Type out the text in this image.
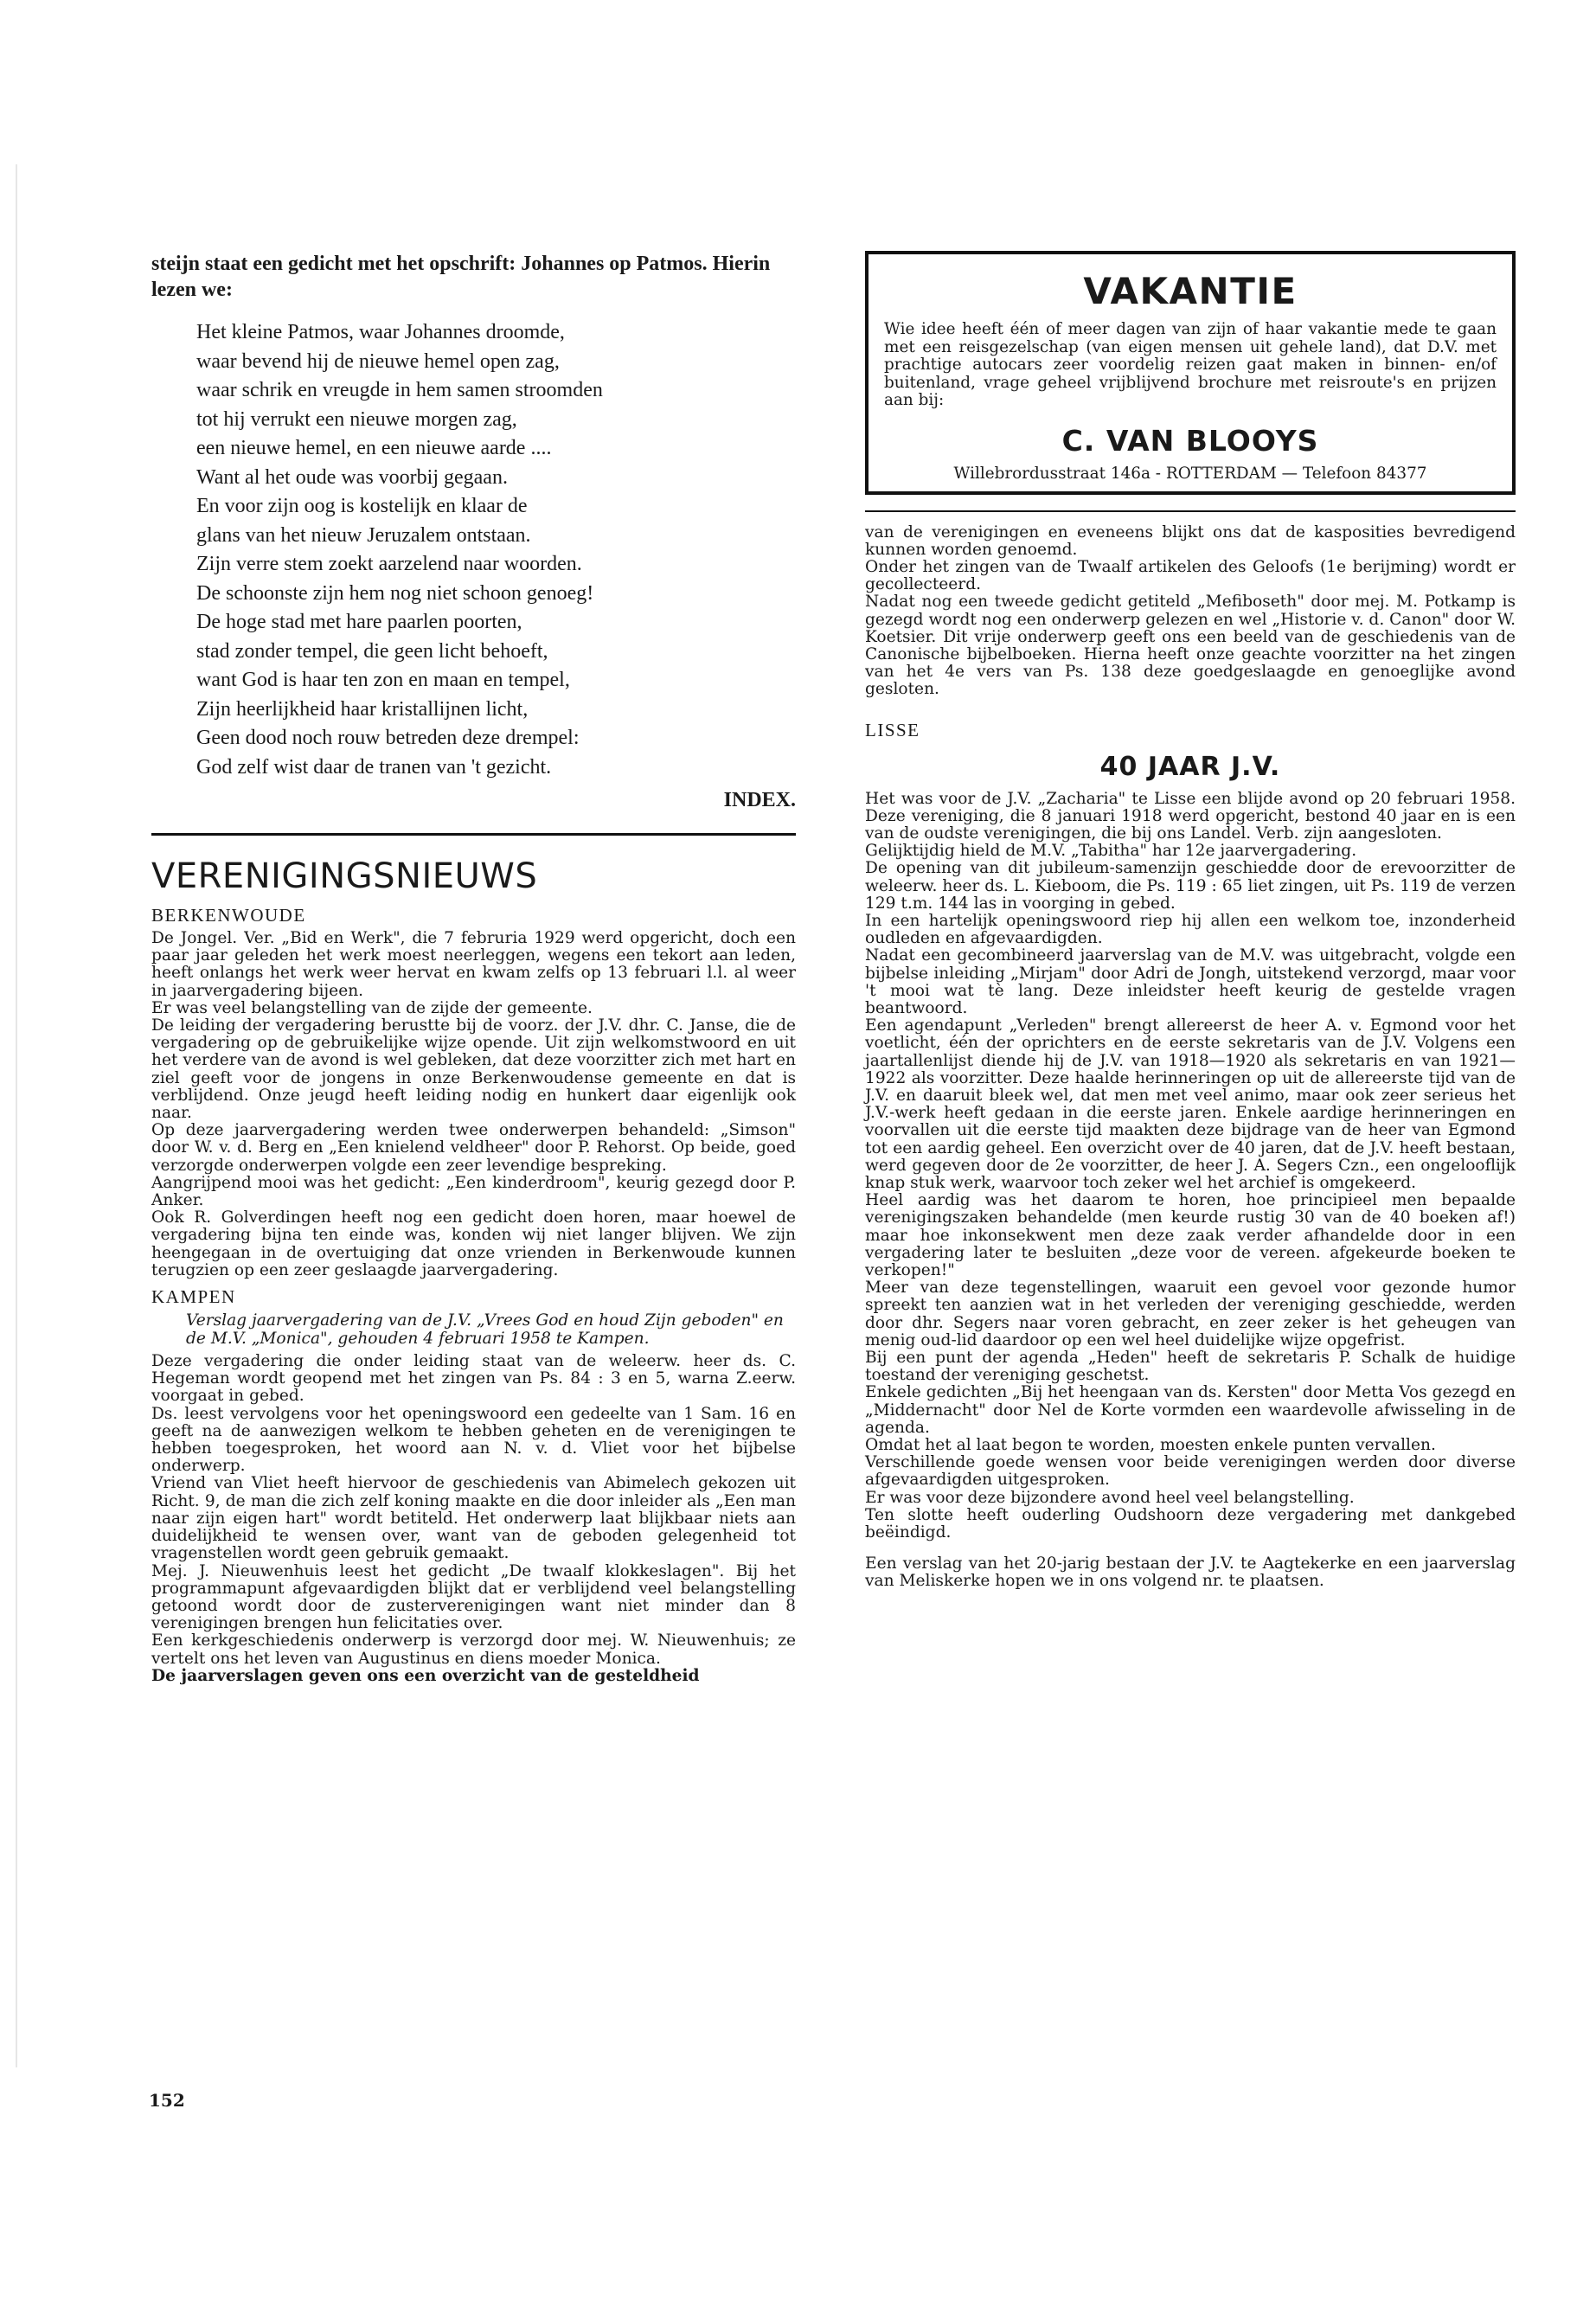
steijn staat een gedicht met het opschrift: Johannes op Patmos. Hierin lezen we:

Het kleine Patmos, waar Johannes droomde,
waar bevend hij de nieuwe hemel open zag,
waar schrik en vreugde in hem samen stroomden
tot hij verrukt een nieuwe morgen zag,
een nieuwe hemel, en een nieuwe aarde ....
Want al het oude was voorbij gegaan.
En voor zijn oog is kostelijk en klaar de
glans van het nieuw Jeruzalem ontstaan.
Zijn verre stem zoekt aarzelend naar woorden.
De schoonste zijn hem nog niet schoon genoeg!
De hoge stad met hare paarlen poorten,
stad zonder tempel, die geen licht behoeft,
want God is haar ten zon en maan en tempel,
Zijn heerlijkheid haar kristallijnen licht,
Geen dood noch rouw betreden deze drempel:
God zelf wist daar de tranen van 't gezicht.
INDEX.
VERENIGINGSNIEUWS
BERKENWOUDE

De Jongel. Ver. „Bid en Werk", die 7 februria 1929 werd opgericht, doch een paar jaar geleden het werk moest neerleggen, wegens een tekort aan leden, heeft onlangs het werk weer hervat en kwam zelfs op 13 februari l.l. al weer in jaarvergadering bijeen.

Er was veel belangstelling van de zijde der gemeente.

De leiding der vergadering berustte bij de voorz. der J.V. dhr. C. Janse, die de vergadering op de gebruikelijke wijze opende. Uit zijn welkomstwoord en uit het verdere van de avond is wel gebleken, dat deze voorzitter zich met hart en ziel geeft voor de jongens in onze Berkenwoudense gemeente en dat is verblijdend. Onze jeugd heeft leiding nodig en hunkert daar eigenlijk ook naar.

Op deze jaarvergadering werden twee onderwerpen behandeld: „Simson" door W. v. d. Berg en „Een knielend veldheer" door P. Rehorst. Op beide, goed verzorgde onderwerpen volgde een zeer levendige bespreking.

Aangrijpend mooi was het gedicht: „Een kinderdroom", keurig gezegd door P. Anker.

Ook R. Golverdingen heeft nog een gedicht doen horen, maar hoewel de vergadering bijna ten einde was, konden wij niet langer blijven. We zijn heengegaan in de overtuiging dat onze vrienden in Berkenwoude kunnen terugzien op een zeer geslaagde jaarvergadering.

KAMPEN

Verslag jaarvergadering van de J.V. „Vrees God en houd Zijn geboden" en de M.V. „Monica", gehouden 4 februari 1958 te Kampen.

Deze vergadering die onder leiding staat van de weleerw. heer ds. C. Hegeman wordt geopend met het zingen van Ps. 84 : 3 en 5, warna Z.eerw. voorgaat in gebed.

Ds. leest vervolgens voor het openingswoord een gedeelte van 1 Sam. 16 en geeft na de aanwezigen welkom te hebben geheten en de verenigingen te hebben toegesproken, het woord aan N. v. d. Vliet voor het bijbelse onderwerp.

Vriend van Vliet heeft hiervoor de geschiedenis van Abimelech gekozen uit Richt. 9, de man die zich zelf koning maakte en die door inleider als „Een man naar zijn eigen hart" wordt betiteld. Het onderwerp laat blijkbaar niets aan duidelijkheid te wensen over, want van de geboden gelegenheid tot vragenstellen wordt geen gebruik gemaakt.

Mej. J. Nieuwenhuis leest het gedicht „De twaalf klokkeslagen". Bij het programmapunt afgevaardigden blijkt dat er verblijdend veel belangstelling getoond wordt door de zusterverenigingen want niet minder dan 8 verenigingen brengen hun felicitaties over.

Een kerkgeschiedenis onderwerp is verzorgd door mej. W. Nieuwenhuis; ze vertelt ons het leven van Augustinus en diens moeder Monica.

De jaarverslagen geven ons een overzicht van de gesteldheid

VAKANTIE

Wie idee heeft één of meer dagen van zijn of haar vakantie mede te gaan met een reisgezelschap (van eigen mensen uit gehele land), dat D.V. met prachtige autocars zeer voordelig reizen gaat maken in binnen- en/of buitenland, vrage geheel vrijblijvend brochure met reisroute's en prijzen aan bij:

C. VAN BLOOYS

Willebrordusstraat 146a - ROTTERDAM — Telefoon 84377

van de verenigingen en eveneens blijkt ons dat de kasposities bevredigend kunnen worden genoemd.

Onder het zingen van de Twaalf artikelen des Geloofs (1e berijming) wordt er gecollecteerd.

Nadat nog een tweede gedicht getiteld „Mefiboseth" door mej. M. Potkamp is gezegd wordt nog een onderwerp gelezen en wel „Historie v. d. Canon" door W. Koetsier. Dit vrije onderwerp geeft ons een beeld van de geschiedenis van de Canonische bijbelboeken. Hierna heeft onze geachte voorzitter na het zingen van het 4e vers van Ps. 138 deze goedgeslaagde en genoeglijke avond gesloten.

LISSE
40 JAAR J.V.

Het was voor de J.V. „Zacharia" te Lisse een blijde avond op 20 februari 1958. Deze vereniging, die 8 januari 1918 werd opgericht, bestond 40 jaar en is een van de oudste verenigingen, die bij ons Landel. Verb. zijn aangesloten.

Gelijktijdig hield de M.V. „Tabitha" har 12e jaarvergadering.

De opening van dit jubileum-samenzijn geschiedde door de erevoorzitter de weleerw. heer ds. L. Kieboom, die Ps. 119 : 65 liet zingen, uit Ps. 119 de verzen 129 t.m. 144 las in voorging in gebed.

In een hartelijk openingswoord riep hij allen een welkom toe, inzonderheid oudleden en afgevaardigden.

Nadat een gecombineerd jaarverslag van de M.V. was uitgebracht, volgde een bijbelse inleiding „Mirjam" door Adri de Jongh, uitstekend verzorgd, maar voor 't mooi wat tè lang. Deze inleidster heeft keurig de gestelde vragen beantwoord.

Een agendapunt „Verleden" brengt allereerst de heer A. v. Egmond voor het voetlicht, één der oprichters en de eerste sekretaris van de J.V. Volgens een jaartallenlijst diende hij de J.V. van 1918—1920 als sekretaris en van 1921—1922 als voorzitter. Deze haalde herinneringen op uit de allereerste tijd van de J.V. en daaruit bleek wel, dat men met veel animo, maar ook zeer serieus het J.V.-werk heeft gedaan in die eerste jaren. Enkele aardige herinneringen en voorvallen uit die eerste tijd maakten deze bijdrage van de heer van Egmond tot een aardig geheel. Een overzicht over de 40 jaren, dat de J.V. heeft bestaan, werd gegeven door de 2e voorzitter, de heer J. A. Segers Czn., een ongelooflijk knap stuk werk, waarvoor toch zeker wel het archief is omgekeerd.

Heel aardig was het daarom te horen, hoe principieel men bepaalde verenigingszaken behandelde (men keurde rustig 30 van de 40 boeken af!) maar hoe inkonsekwent men deze zaak verder afhandelde door in een vergadering later te besluiten „deze voor de vereen. afgekeurde boeken te verkopen!"

Meer van deze tegenstellingen, waaruit een gevoel voor gezonde humor spreekt ten aanzien wat in het verleden der vereniging geschiedde, werden door dhr. Segers naar voren gebracht, en zeer zeker is het geheugen van menig oud-lid daardoor op een wel heel duidelijke wijze opgefrist.

Bij een punt der agenda „Heden" heeft de sekretaris P. Schalk de huidige toestand der vereniging geschetst.

Enkele gedichten „Bij het heengaan van ds. Kersten" door Metta Vos gezegd en „Middernacht" door Nel de Korte vormden een waardevolle afwisseling in de agenda.

Omdat het al laat begon te worden, moesten enkele punten vervallen.

Verschillende goede wensen voor beide verenigingen werden door diverse afgevaardigden uitgesproken.

Er was voor deze bijzondere avond heel veel belangstelling.

Ten slotte heeft ouderling Oudshoorn deze vergadering met dankgebed beëindigd.

Een verslag van het 20-jarig bestaan der J.V. te Aagtekerke en een jaarverslag van Meliskerke hopen we in ons volgend nr. te plaatsen.

152
